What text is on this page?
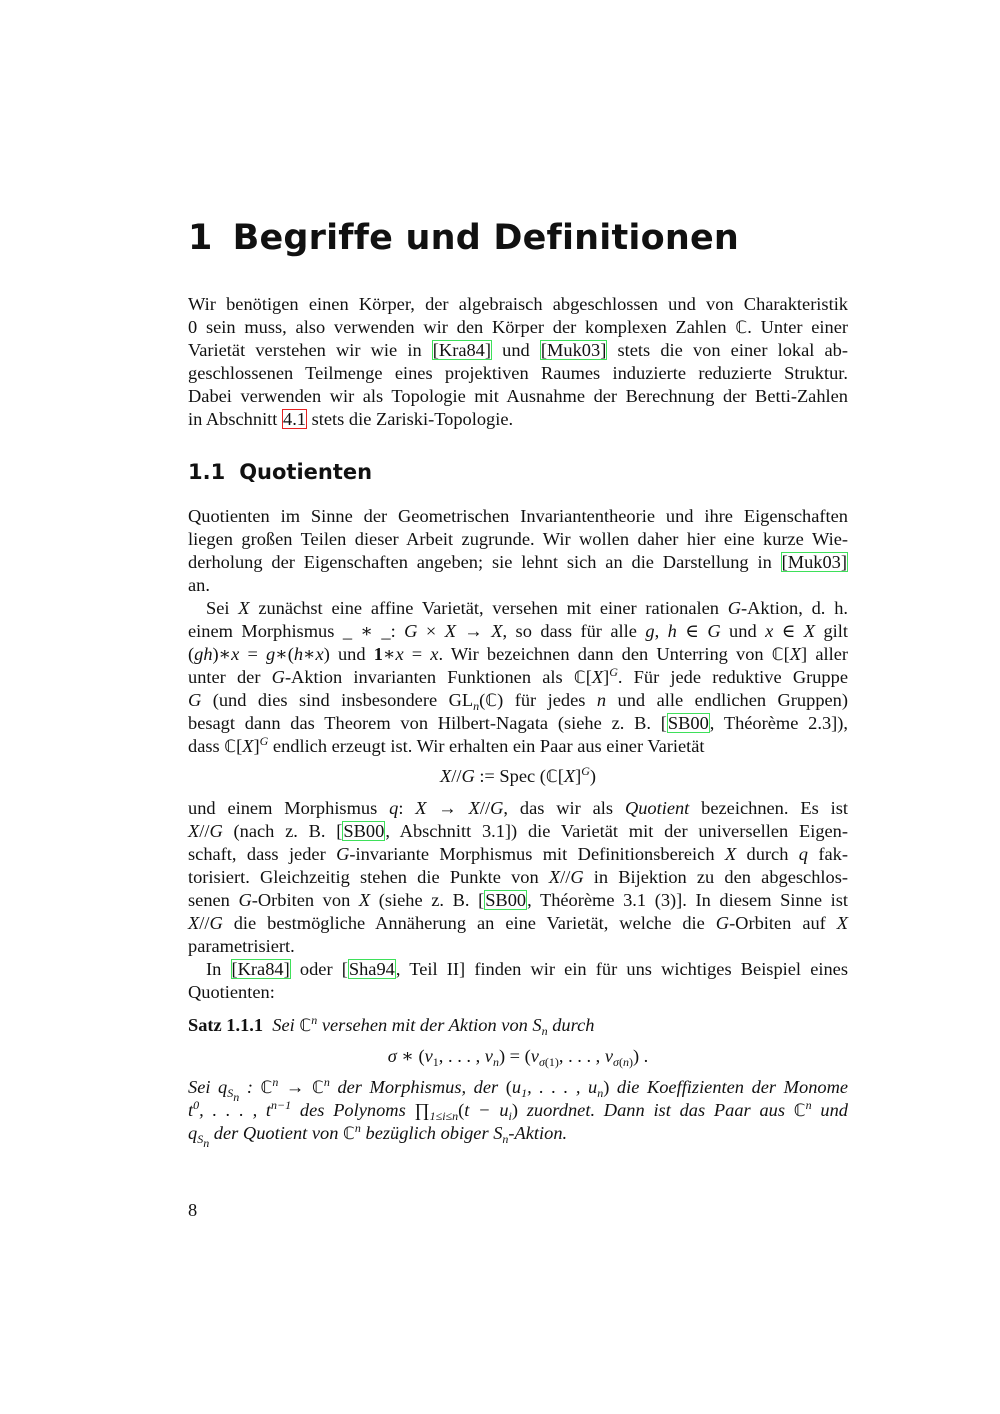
1 Begriffe und Definitionen
Wir benötigen einen Körper, der algebraisch abgeschlossen und von Charakteristik
0 sein muss, also verwenden wir den Körper der komplexen Zahlen ℂ. Unter einer
Varietät verstehen wir wie in [Kra84] und [Muk03] stets die von einer lokal ab-
geschlossenen Teilmenge eines projektiven Raumes induzierte reduzierte Struktur.
Dabei verwenden wir als Topologie mit Ausnahme der Berechnung der Betti-Zahlen
in Abschnitt 4.1 stets die Zariski-Topologie.
1.1 Quotienten
Quotienten im Sinne der Geometrischen Invariantentheorie und ihre Eigenschaften
liegen großen Teilen dieser Arbeit zugrunde. Wir wollen daher hier eine kurze Wie-
derholung der Eigenschaften angeben; sie lehnt sich an die Darstellung in [Muk03]
an.
Sei X zunächst eine affine Varietät, versehen mit einer rationalen G-Aktion, d. h.
einem Morphismus _ ∗ _: G × X → X, so dass für alle g, h ∈ G und x ∈ X gilt
(gh)∗x = g∗(h∗x) und 1∗x = x. Wir bezeichnen dann den Unterring von ℂ[X] aller
unter der G-Aktion invarianten Funktionen als $ℂ[X]^G$. Für jede reduktive Gruppe
G (und dies sind insbesondere $GL_n(ℂ)$ für jedes n und alle endlichen Gruppen)
besagt dann das Theorem von Hilbert-Nagata (siehe z. B. [SB00, Théorème 2.3]),
dass $ℂ[X]^G$ endlich erzeugt ist. Wir erhalten ein Paar aus einer Varietät
X//G := Spec $(ℂ[X]^G)$
und einem Morphismus q: X → X//G, das wir als Quotient bezeichnen. Es ist
X//G (nach z. B. [SB00, Abschnitt 3.1]) die Varietät mit der universellen Eigen-
schaft, dass jeder G-invariante Morphismus mit Definitionsbereich X durch q fak-
torisiert. Gleichzeitig stehen die Punkte von X//G in Bijektion zu den abgeschlos-
senen G-Orbiten von X (siehe z. B. [SB00, Théorème 3.1 (3)]. In diesem Sinne ist
X//G die bestmögliche Annäherung an eine Varietät, welche die G-Orbiten auf X
parametrisiert.
In [Kra84] oder [Sha94, Teil II] finden wir ein für uns wichtiges Beispiel eines
Quotienten:
Satz 1.1.1 Sei ℂ$^n$ versehen mit der Aktion von $S_n$ durch
σ ∗ ($v_1$, . . . , $v_n) = (v_{\sigma(1)}$, . . . , $v_{\sigma(n)}$) .
Sei $q_{S_n}$ : ℂ$^n$ → ℂ$^n$ der Morphismus, der ($u_1$, . . . , $u_n$) die Koeffizienten der Monome
$t^0$, . . . , $t^{n-1}$ des Polynoms $\prod_{1\le i\le n}(t - u_i)$ zuordnet. Dann ist das Paar aus ℂ$^n$ und
$q_{S_n}$ der Quotient von ℂ$^n$ bezüglich obiger $S_n$-Aktion.
8
